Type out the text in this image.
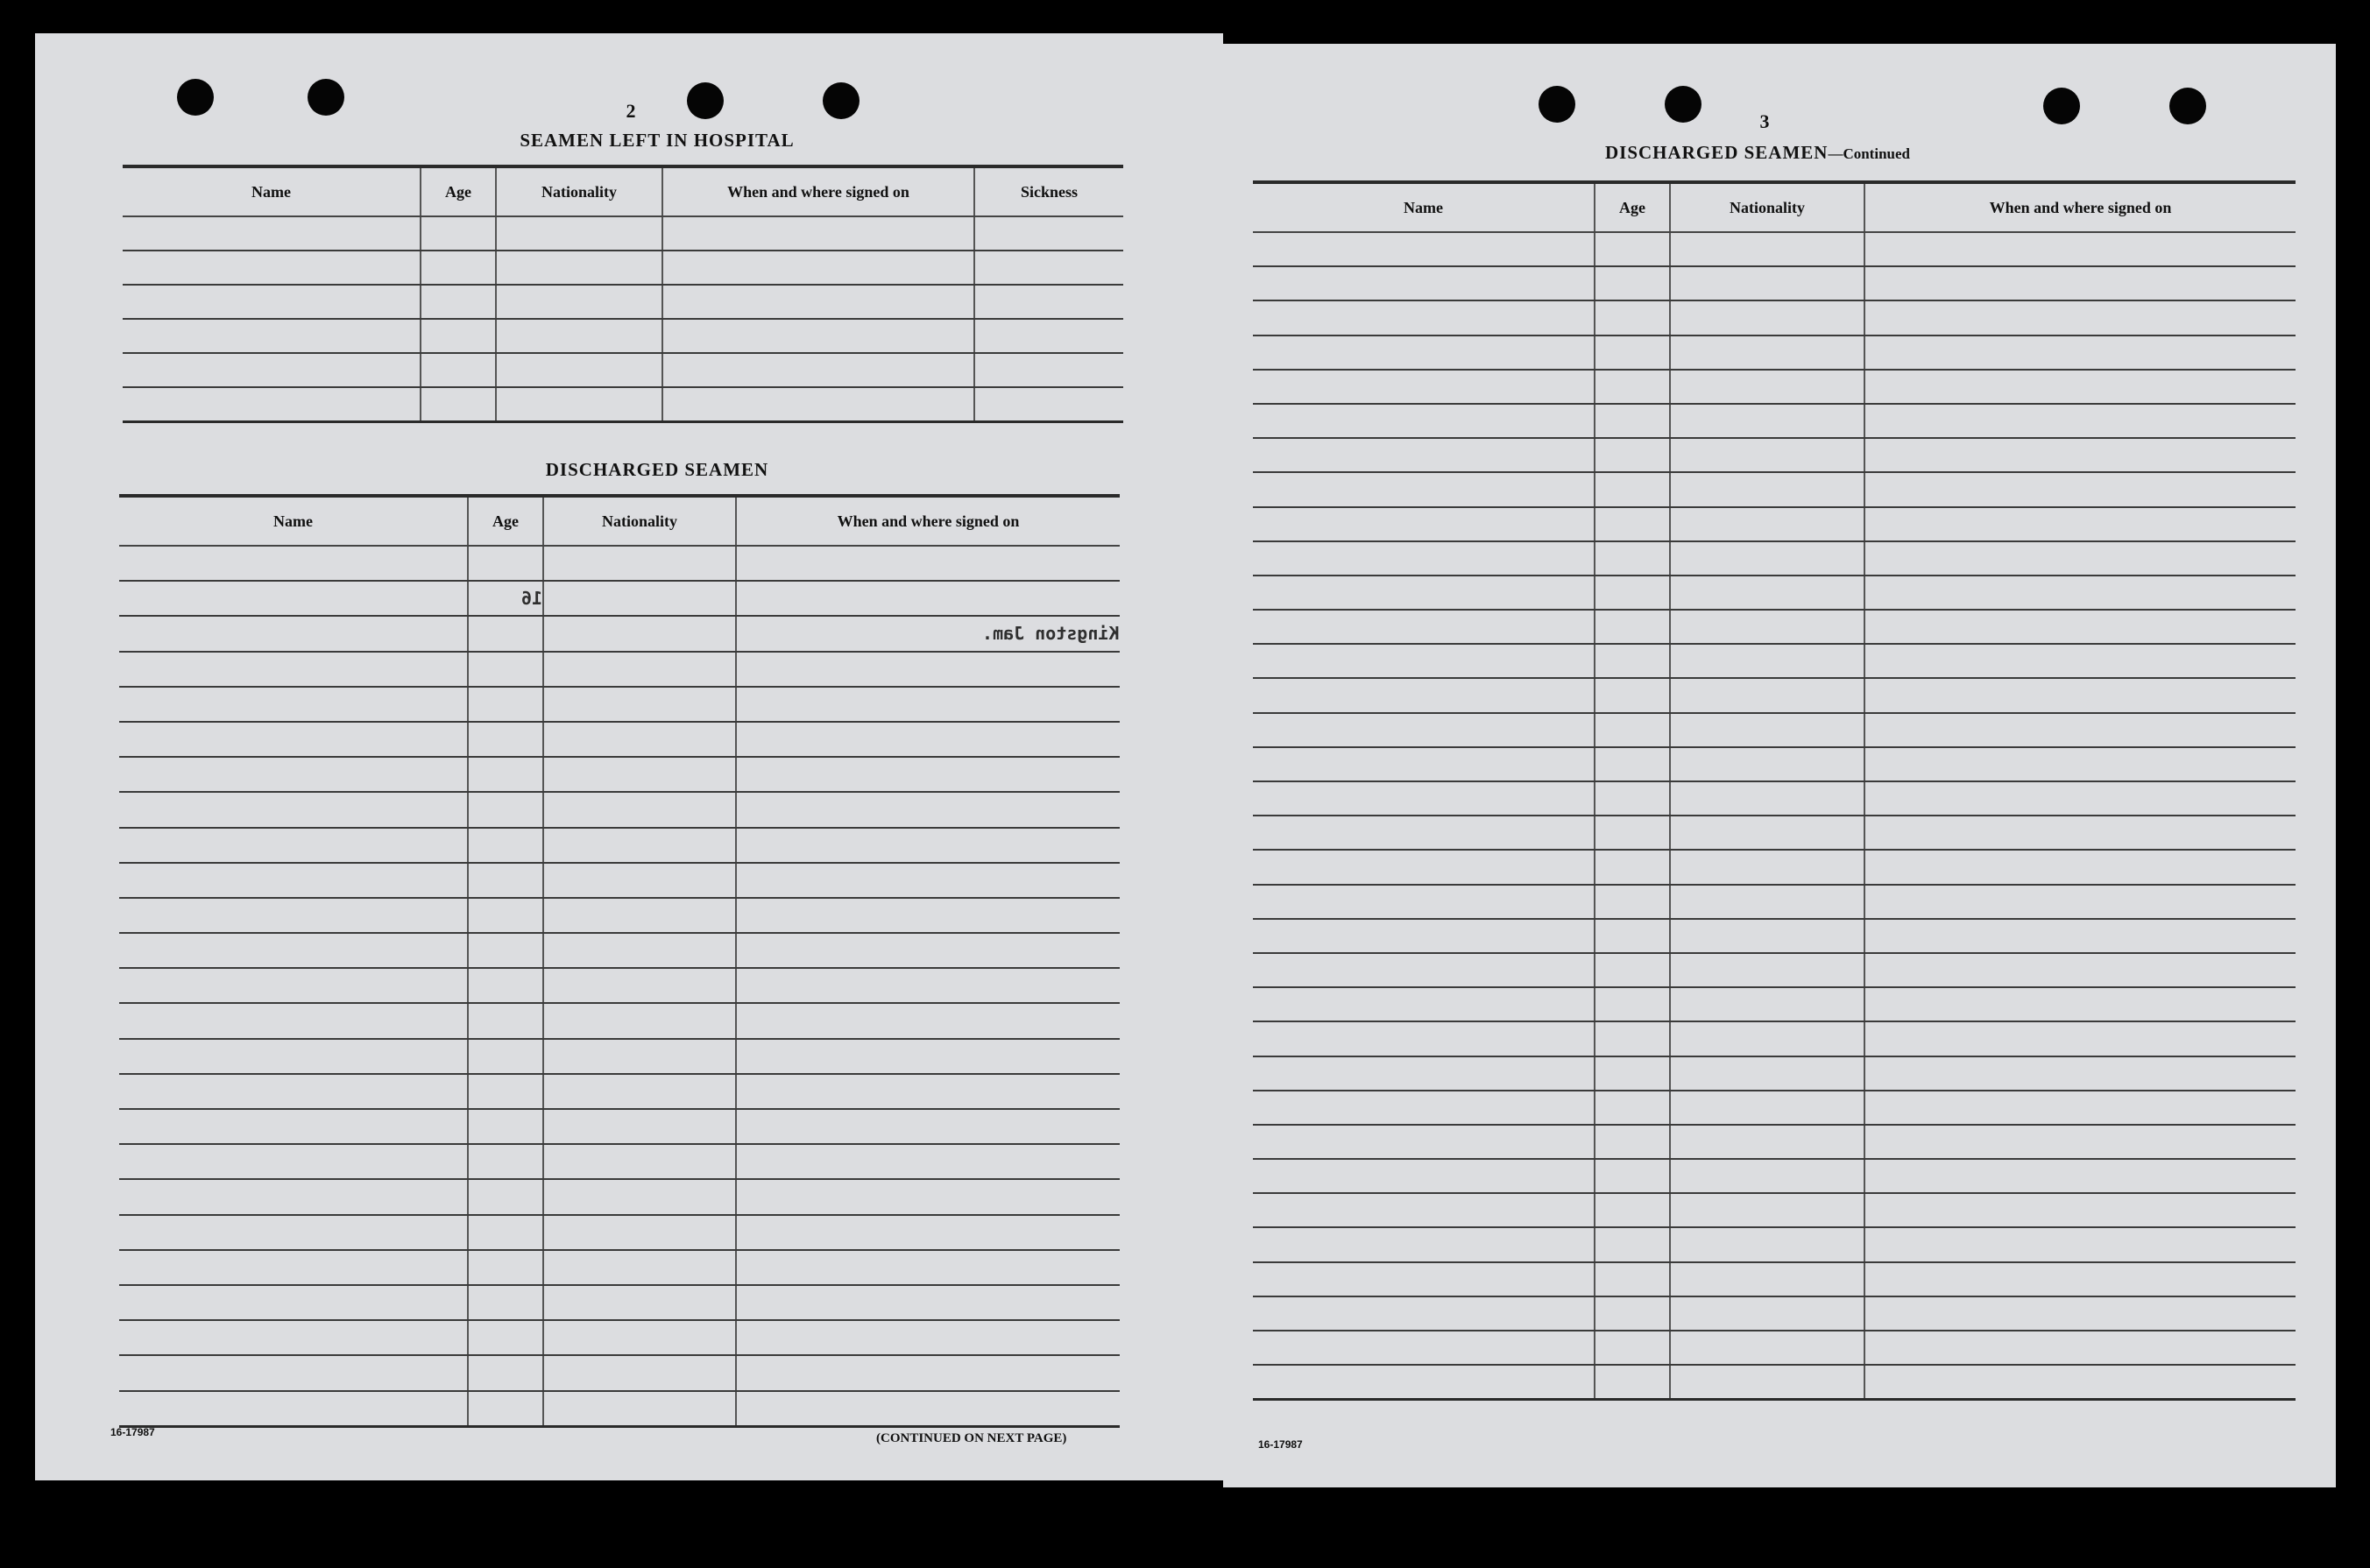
2
SEAMEN LEFT IN HOSPITAL
Name	Age	Nationality	When and where signed on	Sickness

DISCHARGED SEAMEN
Name	Age	Nationality	When and where signed on

	16		
			Kingston Jam.

16-17987	(CONTINUED ON NEXT PAGE)
3
DISCHARGED SEAMEN—Continued
Name	Age	Nationality	When and where signed on

16-17987
